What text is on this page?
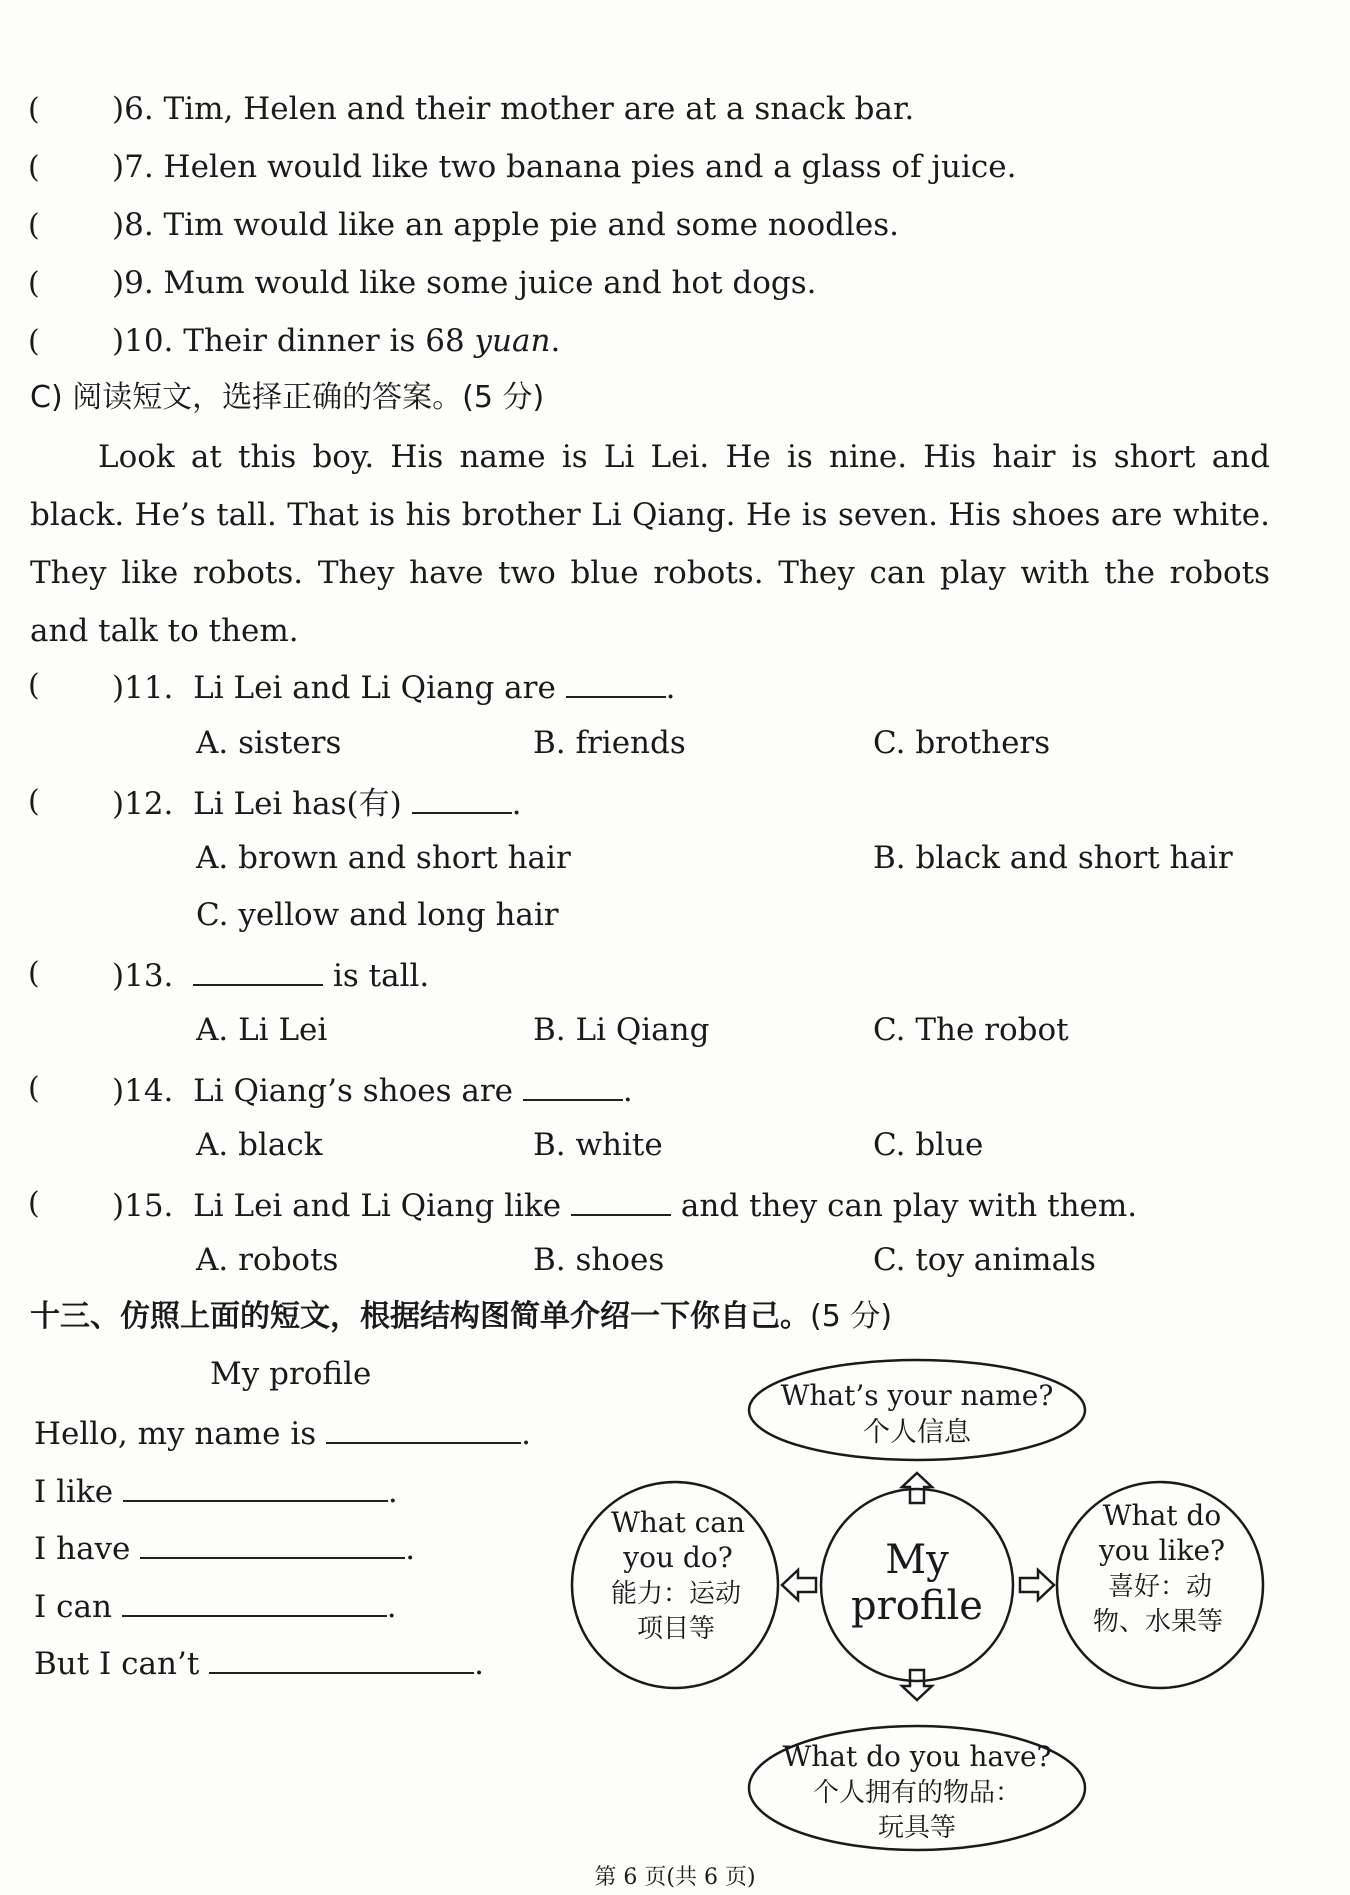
( )6. Tim, Helen and their mother are at a snack bar.
( )7. Helen would like two banana pies and a glass of juice.
( )8. Tim would like an apple pie and some noodles.
( )9. Mum would like some juice and hot dogs.
( )10. Their dinner is 68 yuan.
C) 阅读短文，选择正确的答案。(5 分)
Look at this boy. His name is Li Lei. He is nine. His hair is short and black. He’s tall. That is his brother Li Qiang. He is seven. His shoes are white. They like robots. They have two blue robots. They can play with the robots and talk to them.
( )11. Li Lei and Li Qiang are	.
A. sisters	B. friends	C. brothers
( )12. Li Lei has(有)	.
A. brown and short hair	B. black and short hair
C. yellow and long hair
( )13.	is tall.
A. Li Lei	B. Li Qiang	C. The robot
( )14. Li Qiang’s shoes are	.
A. black	B. white	C. blue
( )15. Li Lei and Li Qiang like	and they can play with them.
A. robots	B. shoes	C. toy animals
十三、仿照上面的短文，根据结构图简单介绍一下你自己。(5 分)
My profile
Hello, my name is	.
I like	.
I have	.
I can	.
But I can’t	.
My
profile
What’s your name?
个人信息
What can
you do?
能力：运动
项目等
What do
you like?
喜好：动
物、水果等
What do you have?
个人拥有的物品：
玩具等
第 6 页(共 6 页)
